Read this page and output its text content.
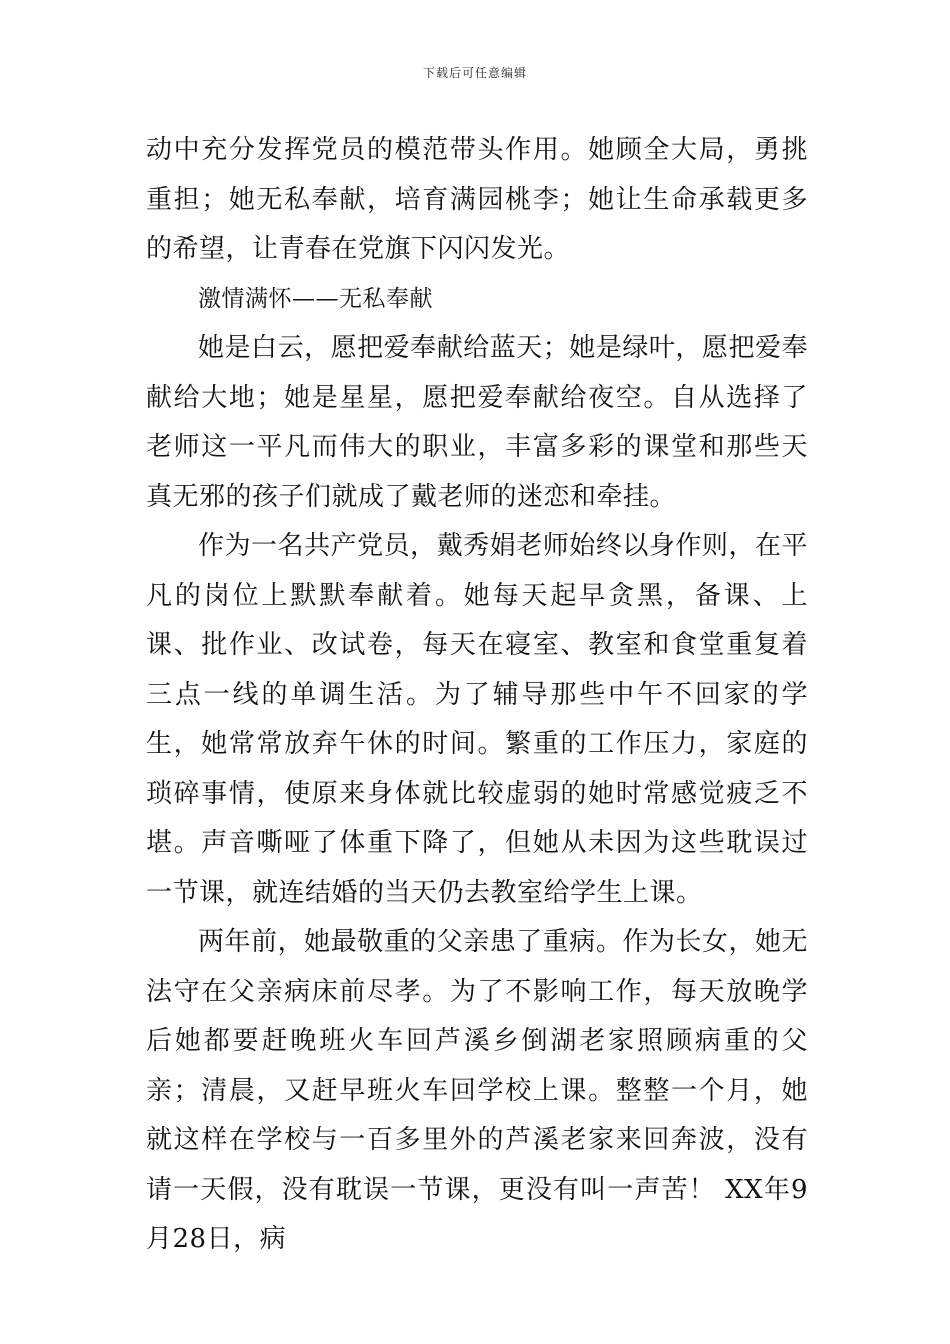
下载后可任意编辑

动中充分发挥党员的模范带头作用。她顾全大局，勇挑重担；她无私奉献，培育满园桃李；她让生命承载更多的希望，让青春在党旗下闪闪发光。

激情满怀——无私奉献

她是白云，愿把爱奉献给蓝天；她是绿叶，愿把爱奉献给大地；她是星星，愿把爱奉献给夜空。自从选择了老师这一平凡而伟大的职业，丰富多彩的课堂和那些天真无邪的孩子们就成了戴老师的迷恋和牵挂。

作为一名共产党员，戴秀娟老师始终以身作则，在平凡的岗位上默默奉献着。她每天起早贪黑，备课、上课、批作业、改试卷，每天在寝室、教室和食堂重复着三点一线的单调生活。为了辅导那些中午不回家的学生，她常常放弃午休的时间。繁重的工作压力，家庭的琐碎事情，使原来身体就比较虚弱的她时常感觉疲乏不堪。声音嘶哑了体重下降了，但她从未因为这些耽误过一节课，就连结婚的当天仍去教室给学生上课。

两年前，她最敬重的父亲患了重病。作为长女，她无法守在父亲病床前尽孝。为了不影响工作，每天放晚学后她都要赶晚班火车回芦溪乡倒湖老家照顾病重的父亲；清晨，又赶早班火车回学校上课。整整一个月，她就这样在学校与一百多里外的芦溪老家来回奔波，没有请一天假，没有耽误一节课，更没有叫一声苦！ XX年9月28日，病
